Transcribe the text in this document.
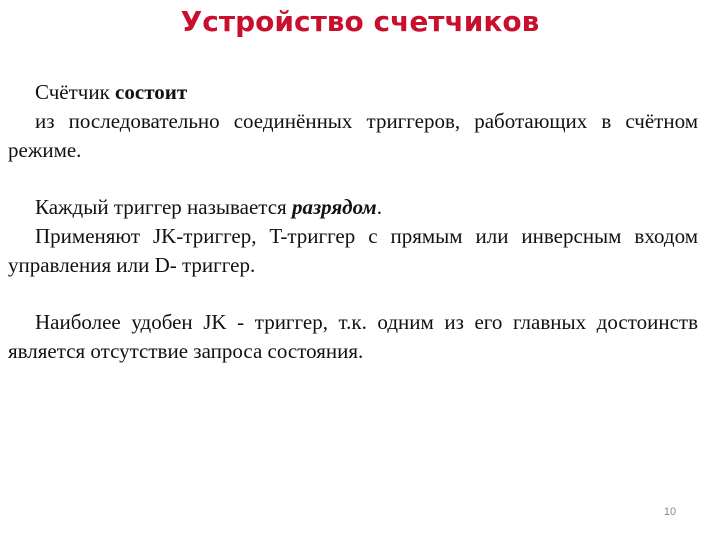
Устройство счетчиков

Счётчик состоит

из последовательно соединённых триггеров, работающих в счётном режиме.

Каждый триггер называется разрядом.

Применяют JK-триггер, T-триггер с прямым или инверсным входом управления или D- триггер.

Наиболее удобен JK - триггер, т.к. одним из его главных достоинств является отсутствие запроса состояния.

10
